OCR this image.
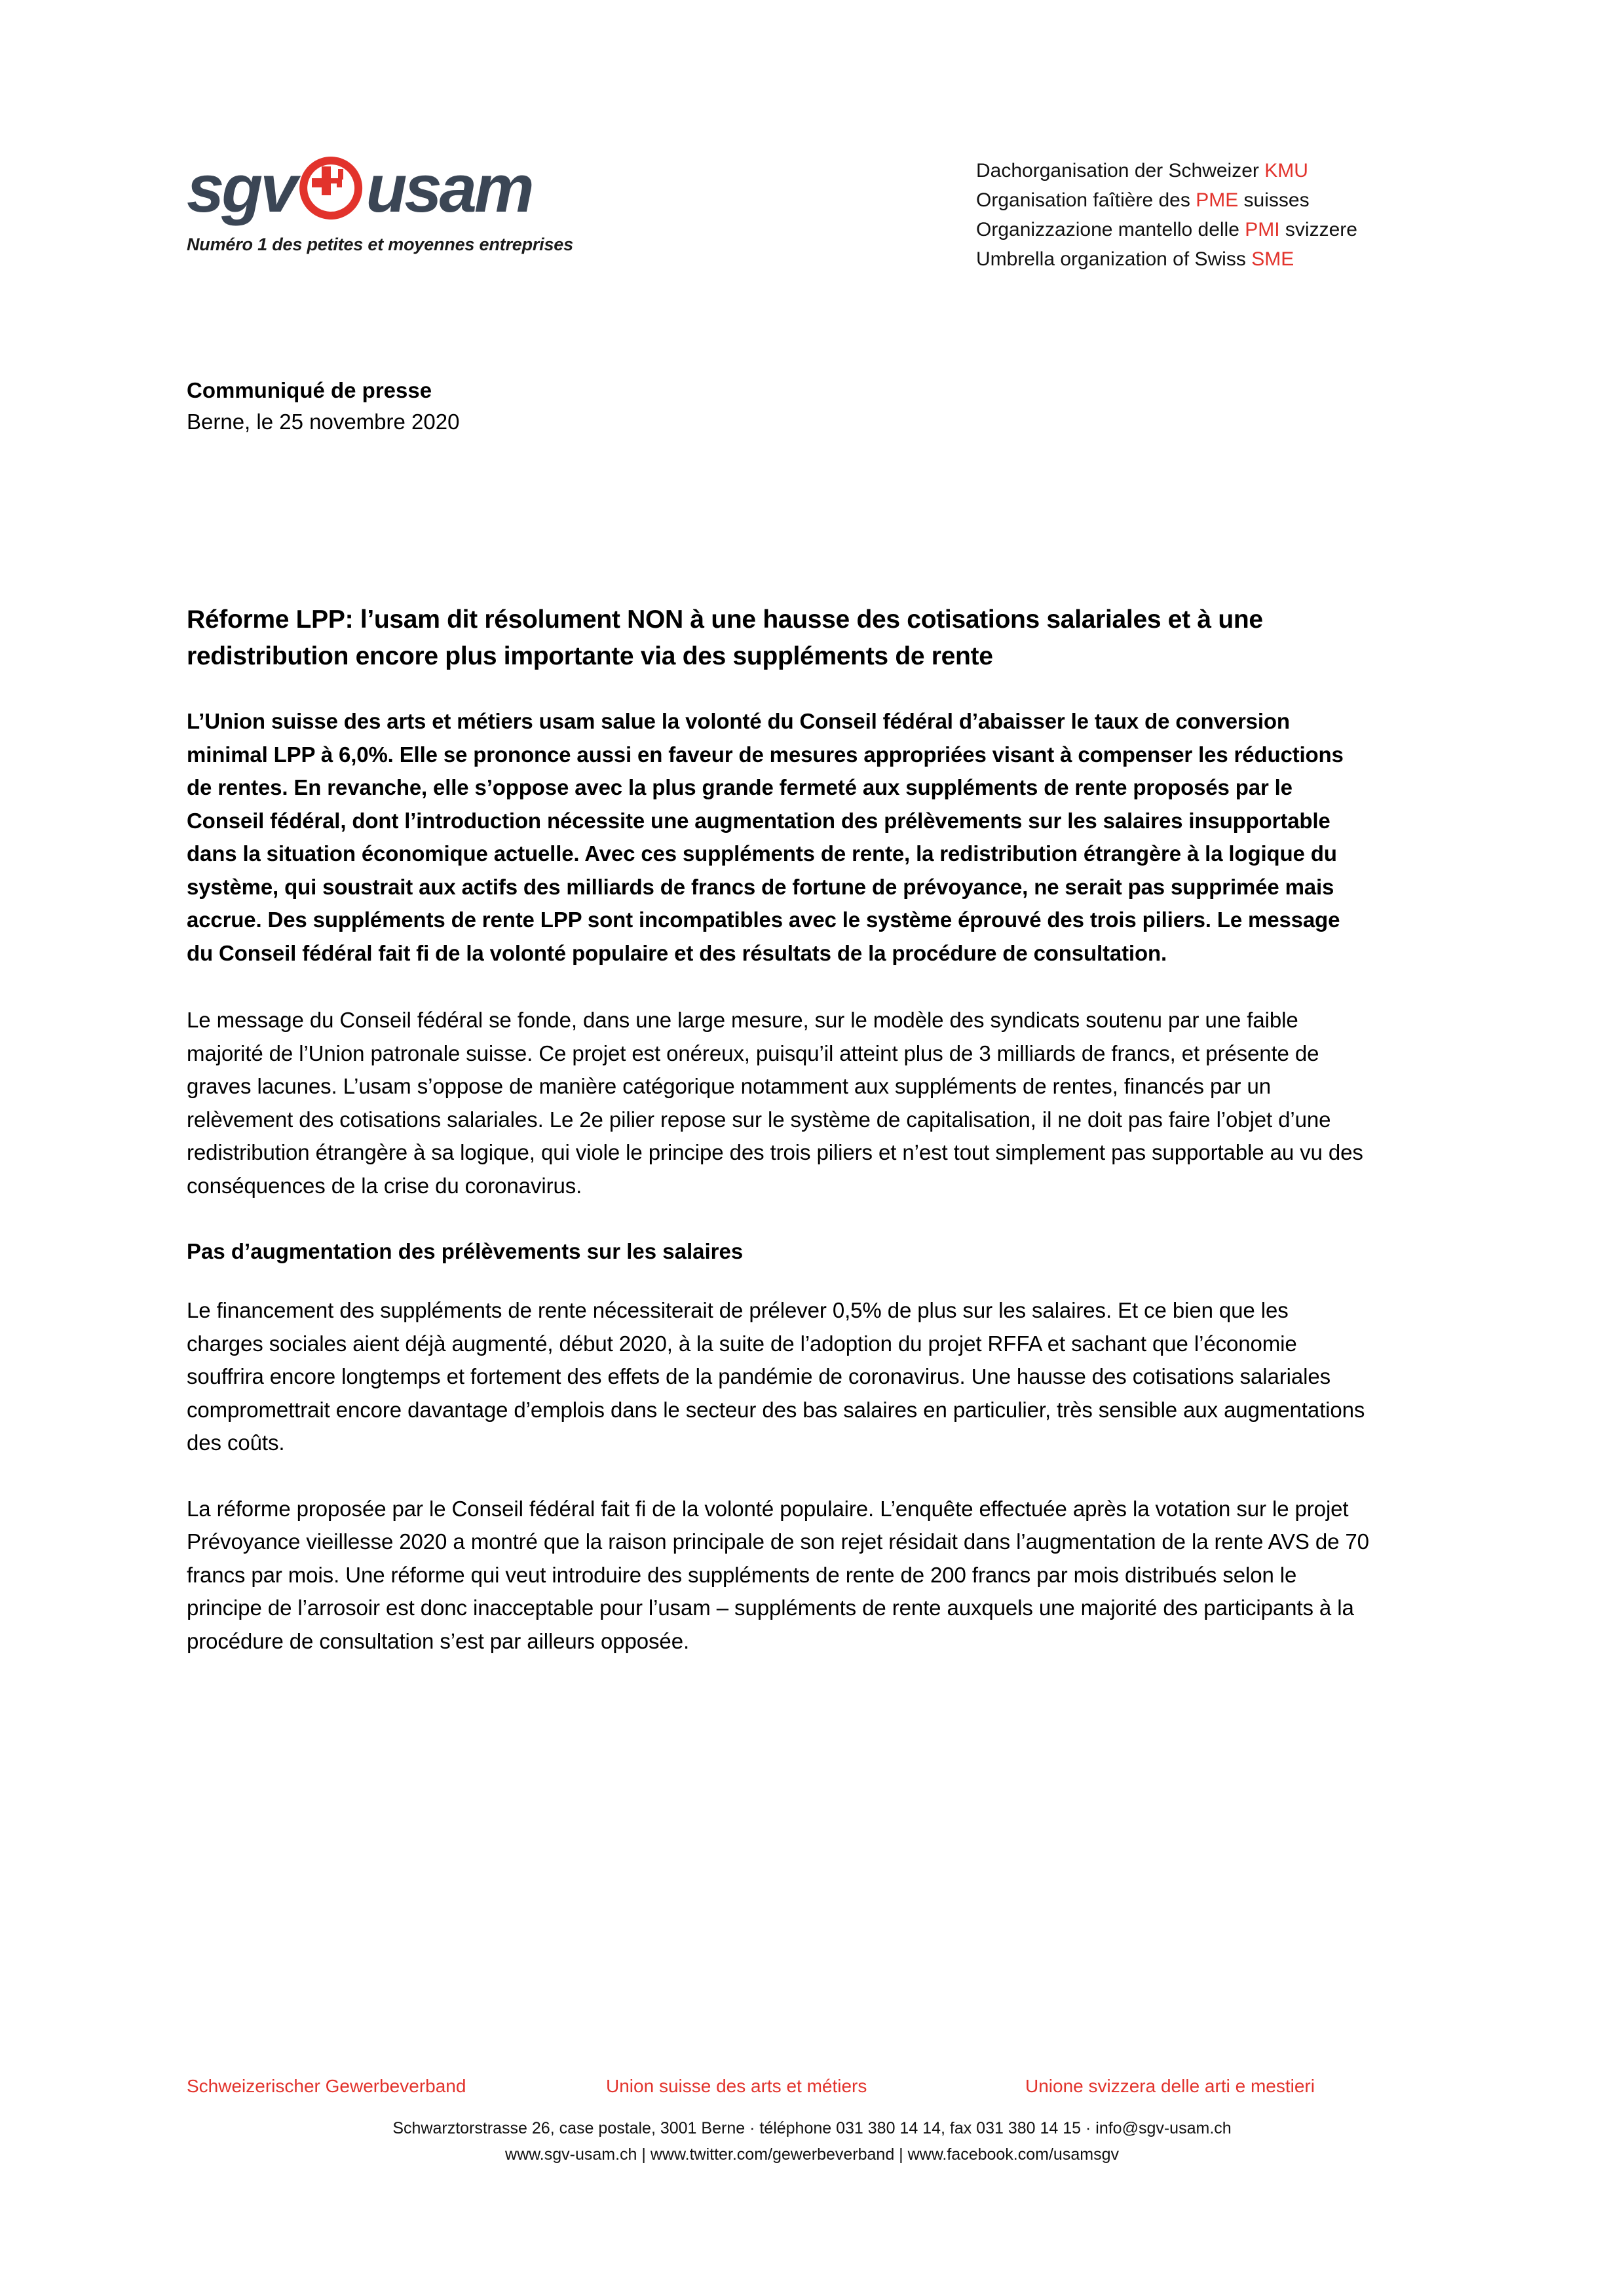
sgv usam
Numéro 1 des petites et moyennes entreprises
Dachorganisation der Schweizer KMU
Organisation faîtière des PME suisses
Organizzazione mantello delle PMI svizzere
Umbrella organization of Swiss SME
Communiqué de presse
Berne, le 25 novembre 2020
Réforme LPP: l’usam dit résolument NON à une hausse des cotisations salariales et à une redistribution encore plus importante via des suppléments de rente

L’Union suisse des arts et métiers usam salue la volonté du Conseil fédéral d’abaisser le taux de conversion minimal LPP à 6,0%. Elle se prononce aussi en faveur de mesures appropriées visant à compenser les réductions de rentes. En revanche, elle s’oppose avec la plus grande fermeté aux suppléments de rente proposés par le Conseil fédéral, dont l’introduction nécessite une augmentation des prélèvements sur les salaires insupportable dans la situation économique actuelle. Avec ces suppléments de rente, la redistribution étrangère à la logique du système, qui soustrait aux actifs des milliards de francs de fortune de prévoyance, ne serait pas supprimée mais accrue. Des suppléments de rente LPP sont incompatibles avec le système éprouvé des trois piliers. Le message du Conseil fédéral fait fi de la volonté populaire et des résultats de la procédure de consultation.

Le message du Conseil fédéral se fonde, dans une large mesure, sur le modèle des syndicats soutenu par une faible majorité de l’Union patronale suisse. Ce projet est onéreux, puisqu’il atteint plus de 3 milliards de francs, et présente de graves lacunes. L’usam s’oppose de manière catégorique notamment aux suppléments de rentes, financés par un relèvement des cotisations salariales. Le 2e pilier repose sur le système de capitalisation, il ne doit pas faire l’objet d’une redistribution étrangère à sa logique, qui viole le principe des trois piliers et n’est tout simplement pas supportable au vu des conséquences de la crise du coronavirus.

Pas d’augmentation des prélèvements sur les salaires

Le financement des suppléments de rente nécessiterait de prélever 0,5% de plus sur les salaires. Et ce bien que les charges sociales aient déjà augmenté, début 2020, à la suite de l’adoption du projet RFFA et sachant que l’économie souffrira encore longtemps et fortement des effets de la pandémie de coronavirus. Une hausse des cotisations salariales compromettrait encore davantage d’emplois dans le secteur des bas salaires en particulier, très sensible aux augmentations des coûts.

La réforme proposée par le Conseil fédéral fait fi de la volonté populaire. L’enquête effectuée après la votation sur le projet Prévoyance vieillesse 2020 a montré que la raison principale de son rejet résidait dans l’augmentation de la rente AVS de 70 francs par mois. Une réforme qui veut introduire des suppléments de rente de 200 francs par mois distribués selon le principe de l’arrosoir est donc inacceptable pour l’usam – suppléments de rente auxquels une majorité des participants à la procédure de consultation s’est par ailleurs opposée.

Schweizerischer Gewerbeverband	Union suisse des arts et métiers	Unione svizzera delle arti e mestieri
Schwarztorstrasse 26, case postale, 3001 Berne · téléphone 031 380 14 14, fax 031 380 14 15 · info@sgv-usam.ch
www.sgv-usam.ch | www.twitter.com/gewerbeverband | www.facebook.com/usamsgv
